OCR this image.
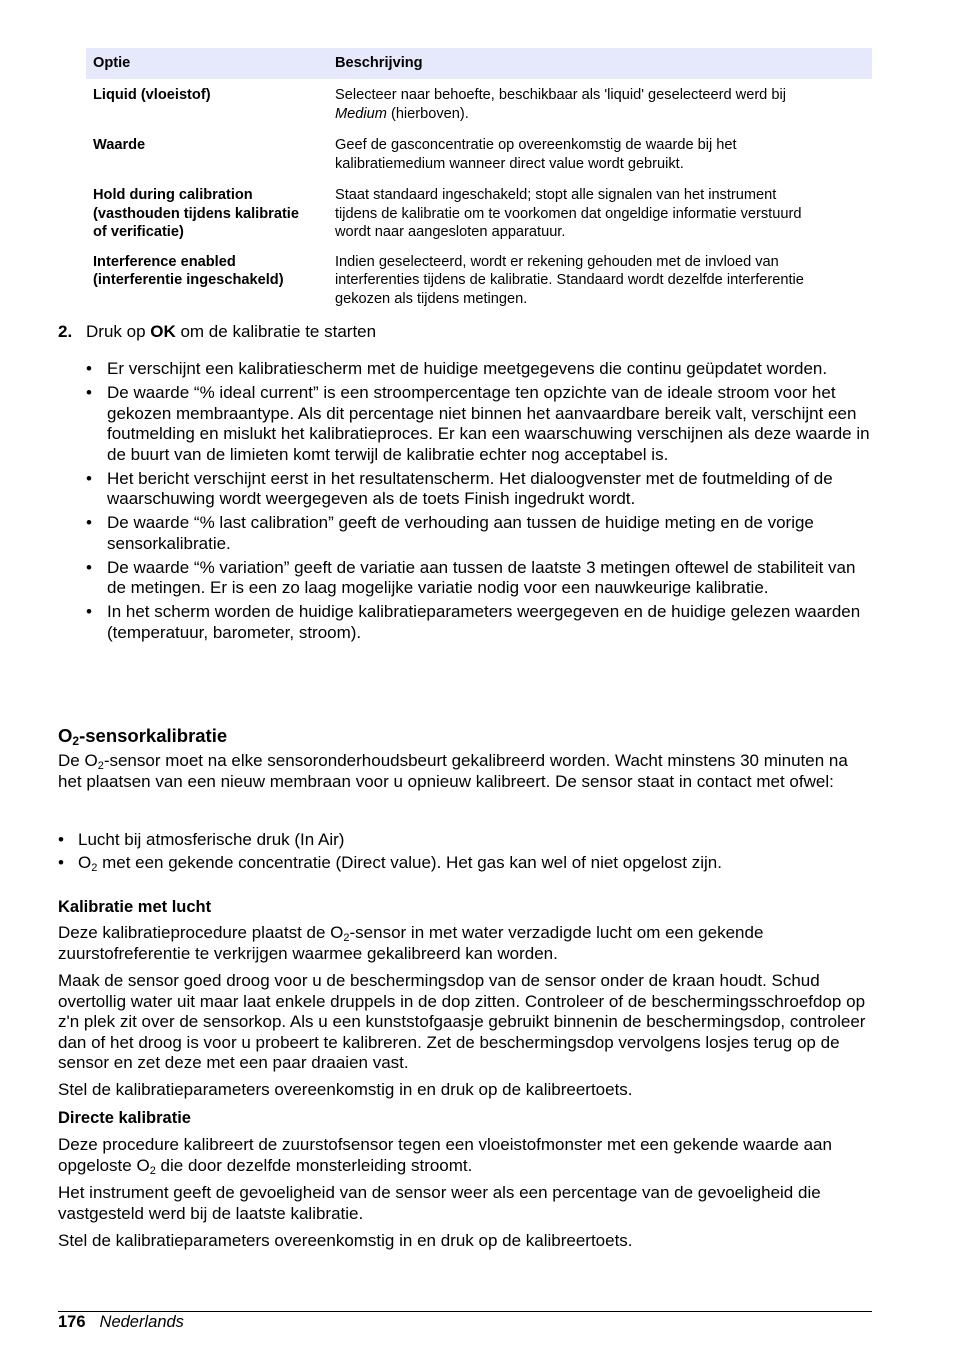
Optie	Beschrijving
Liquid (vloeistof)	Selecteer naar behoefte, beschikbaar als 'liquid' geselecteerd werd bij
Medium (hierboven).
Waarde	Geef de gasconcentratie op overeenkomstig de waarde bij het
kalibratiemedium wanneer direct value wordt gebruikt.
Hold during calibration
(vasthouden tijdens kalibratie
of verificatie)	Staat standaard ingeschakeld; stopt alle signalen van het instrument
tijdens de kalibratie om te voorkomen dat ongeldige informatie verstuurd
wordt naar aangesloten apparatuur.
Interference enabled
(interferentie ingeschakeld)	Indien geselecteerd, wordt er rekening gehouden met de invloed van
interferenties tijdens de kalibratie. Standaard wordt dezelfde interferentie
gekozen als tijdens metingen.
2. Druk op OK om de kalibratie te starten
• Er verschijnt een kalibratiescherm met de huidige meetgegevens die continu geüpdatet worden.
• De waarde “% ideal current” is een stroompercentage ten opzichte van de ideale stroom voor het gekozen membraantype. Als dit percentage niet binnen het aanvaardbare bereik valt, verschijnt een foutmelding en mislukt het kalibratieproces. Er kan een waarschuwing verschijnen als deze waarde in de buurt van de limieten komt terwijl de kalibratie echter nog acceptabel is.
• Het bericht verschijnt eerst in het resultatenscherm. Het dialoogvenster met de foutmelding of de waarschuwing wordt weergegeven als de toets Finish ingedrukt wordt.
• De waarde “% last calibration” geeft de verhouding aan tussen de huidige meting en de vorige sensorkalibratie.
• De waarde “% variation” geeft de variatie aan tussen de laatste 3 metingen oftewel de stabiliteit van de metingen. Er is een zo laag mogelijke variatie nodig voor een nauwkeurige kalibratie.
• In het scherm worden de huidige kalibratieparameters weergegeven en de huidige gelezen waarden (temperatuur, barometer, stroom).
$O_2$-sensorkalibratie

De $O_2$-sensor moet na elke sensoronderhoudsbeurt gekalibreerd worden. Wacht minstens 30 minuten na het plaatsen van een nieuw membraan voor u opnieuw kalibreert. De sensor staat in contact met ofwel:

• Lucht bij atmosferische druk (In Air)
• $O_2$ met een gekende concentratie (Direct value). Het gas kan wel of niet opgelost zijn.
Kalibratie met lucht

Deze kalibratieprocedure plaatst de $O_2$-sensor in met water verzadigde lucht om een gekende zuurstofreferentie te verkrijgen waarmee gekalibreerd kan worden.

Maak de sensor goed droog voor u de beschermingsdop van de sensor onder de kraan houdt. Schud overtollig water uit maar laat enkele druppels in de dop zitten. Controleer of de beschermingsschroefdop op z'n plek zit over de sensorkop. Als u een kunststofgaasje gebruikt binnenin de beschermingsdop, controleer dan of het droog is voor u probeert te kalibreren. Zet de beschermingsdop vervolgens losjes terug op de sensor en zet deze met een paar draaien vast.

Stel de kalibratieparameters overeenkomstig in en druk op de kalibreertoets.

Directe kalibratie

Deze procedure kalibreert de zuurstofsensor tegen een vloeistofmonster met een gekende waarde aan opgeloste $O_2$ die door dezelfde monsterleiding stroomt.

Het instrument geeft de gevoeligheid van de sensor weer als een percentage van de gevoeligheid die vastgesteld werd bij de laatste kalibratie.

Stel de kalibratieparameters overeenkomstig in en druk op de kalibreertoets.

176 Nederlands
